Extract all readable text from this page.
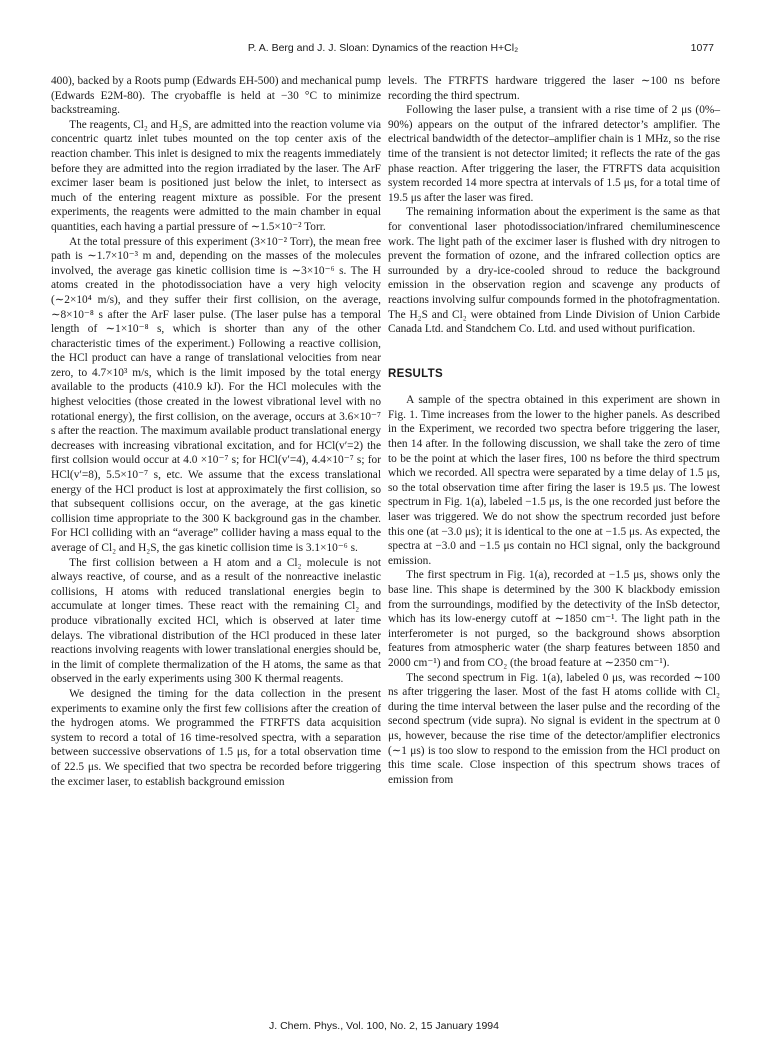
P. A. Berg and J. J. Sloan: Dynamics of the reaction H+Cl₂	1077

400), backed by a Roots pump (Edwards EH-500) and mechanical pump (Edwards E2M-80). The cryobaffle is held at −30 °C to minimize backstreaming.

The reagents, Cl₂ and H₂S, are admitted into the reaction volume via concentric quartz inlet tubes mounted on the top center axis of the reaction chamber. This inlet is designed to mix the reagents immediately before they are admitted into the region irradiated by the laser. The ArF excimer laser beam is positioned just below the inlet, to intersect as much of the entering reagent mixture as possible. For the present experiments, the reagents were admitted to the main chamber in equal quantities, each having a partial pressure of ∼1.5×10⁻² Torr.

At the total pressure of this experiment (3×10⁻² Torr), the mean free path is ∼1.7×10⁻³ m and, depending on the masses of the molecules involved, the average gas kinetic collision time is ∼3×10⁻⁶ s. The H atoms created in the photodissociation have a very high velocity (∼2×10⁴ m/s), and they suffer their first collision, on the average, ∼8×10⁻⁸ s after the ArF laser pulse. (The laser pulse has a temporal length of ∼1×10⁻⁸ s, which is shorter than any of the other characteristic times of the experiment.) Following a reactive collision, the HCl product can have a range of translational velocities from near zero, to 4.7×10³ m/s, which is the limit imposed by the total energy available to the products (410.9 kJ). For the HCl molecules with the highest velocities (those created in the lowest vibrational level with no rotational energy), the first collision, on the average, occurs at 3.6×10⁻⁷ s after the reaction. The maximum available product translational energy decreases with increasing vibrational excitation, and for HCl(v′=2) the first collsion would occur at 4.0 ×10⁻⁷ s; for HCl(v′=4), 4.4×10⁻⁷ s; for HCl(v′=8), 5.5×10⁻⁷ s, etc. We assume that the excess translational energy of the HCl product is lost at approximately the first collision, so that subsequent collisions occur, on the average, at the gas kinetic collision time appropriate to the 300 K background gas in the chamber. For HCl colliding with an “average” collider having a mass equal to the average of Cl₂ and H₂S, the gas kinetic collision time is 3.1×10⁻⁶ s.

The first collision between a H atom and a Cl₂ molecule is not always reactive, of course, and as a result of the nonreactive inelastic collisions, H atoms with reduced translational energies begin to accumulate at longer times. These react with the remaining Cl₂ and produce vibrationally excited HCl, which is observed at later time delays. The vibrational distribution of the HCl produced in these later reactions involving reagents with lower translational energies should be, in the limit of complete thermalization of the H atoms, the same as that observed in the early experiments using 300 K thermal reagents.

We designed the timing for the data collection in the present experiments to examine only the first few collisions after the creation of the hydrogen atoms. We programmed the FTRFTS data acquisition system to record a total of 16 time-resolved spectra, with a separation between successive observations of 1.5 μs, for a total observation time of 22.5 μs. We specified that two spectra be recorded before triggering the excimer laser, to establish background emission

levels. The FTRFTS hardware triggered the laser ∼100 ns before recording the third spectrum.

Following the laser pulse, a transient with a rise time of 2 μs (0%–90%) appears on the output of the infrared detector’s amplifier. The electrical bandwidth of the detector–amplifier chain is 1 MHz, so the rise time of the transient is not detector limited; it reflects the rate of the gas phase reaction. After triggering the laser, the FTRFTS data acquisition system recorded 14 more spectra at intervals of 1.5 μs, for a total time of 19.5 μs after the laser was fired.

The remaining information about the experiment is the same as that for conventional laser photodissociation/infrared chemiluminescence work. The light path of the excimer laser is flushed with dry nitrogen to prevent the formation of ozone, and the infrared collection optics are surrounded by a dry-ice-cooled shroud to reduce the background emission in the observation region and scavenge any products of reactions involving sulfur compounds formed in the photofragmentation. The H₂S and Cl₂ were obtained from Linde Division of Union Carbide Canada Ltd. and Standchem Co. Ltd. and used without purification.

RESULTS

A sample of the spectra obtained in this experiment are shown in Fig. 1. Time increases from the lower to the higher panels. As described in the Experiment, we recorded two spectra before triggering the laser, then 14 after. In the following discussion, we shall take the zero of time to be the point at which the laser fires, 100 ns before the third spectrum which we recorded. All spectra were separated by a time delay of 1.5 μs, so the total observation time after firing the laser is 19.5 μs. The lowest spectrum in Fig. 1(a), labeled −1.5 μs, is the one recorded just before the laser was triggered. We do not show the spectrum recorded just before this one (at −3.0 μs); it is identical to the one at −1.5 μs. As expected, the spectra at −3.0 and −1.5 μs contain no HCl signal, only the background emission.

The first spectrum in Fig. 1(a), recorded at −1.5 μs, shows only the base line. This shape is determined by the 300 K blackbody emission from the surroundings, modified by the detectivity of the InSb detector, which has its low-energy cutoff at ∼1850 cm⁻¹. The light path in the interferometer is not purged, so the background shows absorption features from atmospheric water (the sharp features between 1850 and 2000 cm⁻¹) and from CO₂ (the broad feature at ∼2350 cm⁻¹).

The second spectrum in Fig. 1(a), labeled 0 μs, was recorded ∼100 ns after triggering the laser. Most of the fast H atoms collide with Cl₂ during the time interval between the laser pulse and the recording of the second spectrum (vide supra). No signal is evident in the spectrum at 0 μs, however, because the rise time of the detector/amplifier electronics (∼1 μs) is too slow to respond to the emission from the HCl product on this time scale. Close inspection of this spectrum shows traces of emission from

J. Chem. Phys., Vol. 100, No. 2, 15 January 1994
